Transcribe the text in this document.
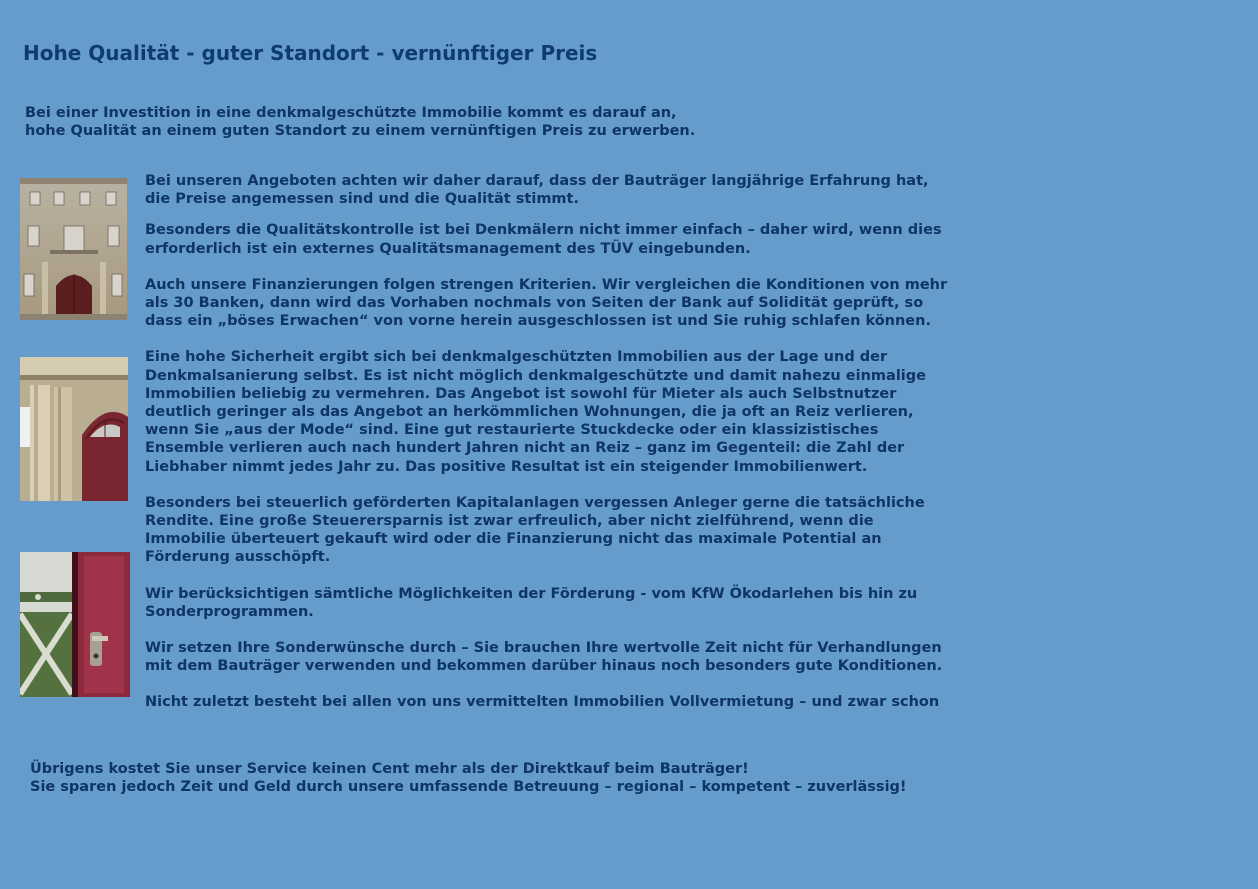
Hohe Qualität - guter Standort - vernünftiger Preis
Bei einer Investition in eine denkmalgeschützte Immobilie kommt es darauf an,
hohe Qualität an einem guten Standort zu einem vernünftigen Preis zu erwerben.

Bei unseren Angeboten achten wir daher darauf, dass der Bauträger langjährige Erfahrung hat,
die Preise angemessen sind und die Qualität stimmt.

Besonders die Qualitätskontrolle ist bei Denkmälern nicht immer einfach – daher wird, wenn dies
erforderlich ist ein externes Qualitätsmanagement des TÜV eingebunden.

Auch unsere Finanzierungen folgen strengen Kriterien. Wir vergleichen die Konditionen von mehr
als 30 Banken, dann wird das Vorhaben nochmals von Seiten der Bank auf Solidität geprüft, so
dass ein „böses Erwachen“ von vorne herein ausgeschlossen ist und Sie ruhig schlafen können.

Eine hohe Sicherheit ergibt sich bei denkmalgeschützten Immobilien aus der Lage und der
Denkmalsanierung selbst. Es ist nicht möglich denkmalgeschützte und damit nahezu einmalige
Immobilien beliebig zu vermehren. Das Angebot ist sowohl für Mieter als auch Selbstnutzer
deutlich geringer als das Angebot an herkömmlichen Wohnungen, die ja oft an Reiz verlieren,
wenn Sie „aus der Mode“ sind. Eine gut restaurierte Stuckdecke oder ein klassizistisches
Ensemble verlieren auch nach hundert Jahren nicht an Reiz – ganz im Gegenteil: die Zahl der
Liebhaber nimmt jedes Jahr zu. Das positive Resultat ist ein steigender Immobilienwert.

Besonders bei steuerlich geförderten Kapitalanlagen vergessen Anleger gerne die tatsächliche
Rendite. Eine große Steuerersparnis ist zwar erfreulich, aber nicht zielführend, wenn die
Immobilie überteuert gekauft wird oder die Finanzierung nicht das maximale Potential an
Förderung ausschöpft.

Wir berücksichtigen sämtliche Möglichkeiten der Förderung - vom KfW Ökodarlehen bis hin zu
Sonderprogrammen.

Wir setzen Ihre Sonderwünsche durch – Sie brauchen Ihre wertvolle Zeit nicht für Verhandlungen
mit dem Bauträger verwenden und bekommen darüber hinaus noch besonders gute Konditionen.

Nicht zuletzt besteht bei allen von uns vermittelten Immobilien Vollvermietung – und zwar schon

Übrigens kostet Sie unser Service keinen Cent mehr als der Direktkauf beim Bauträger!
Sie sparen jedoch Zeit und Geld durch unsere umfassende Betreuung – regional – kompetent – zuverlässig!
